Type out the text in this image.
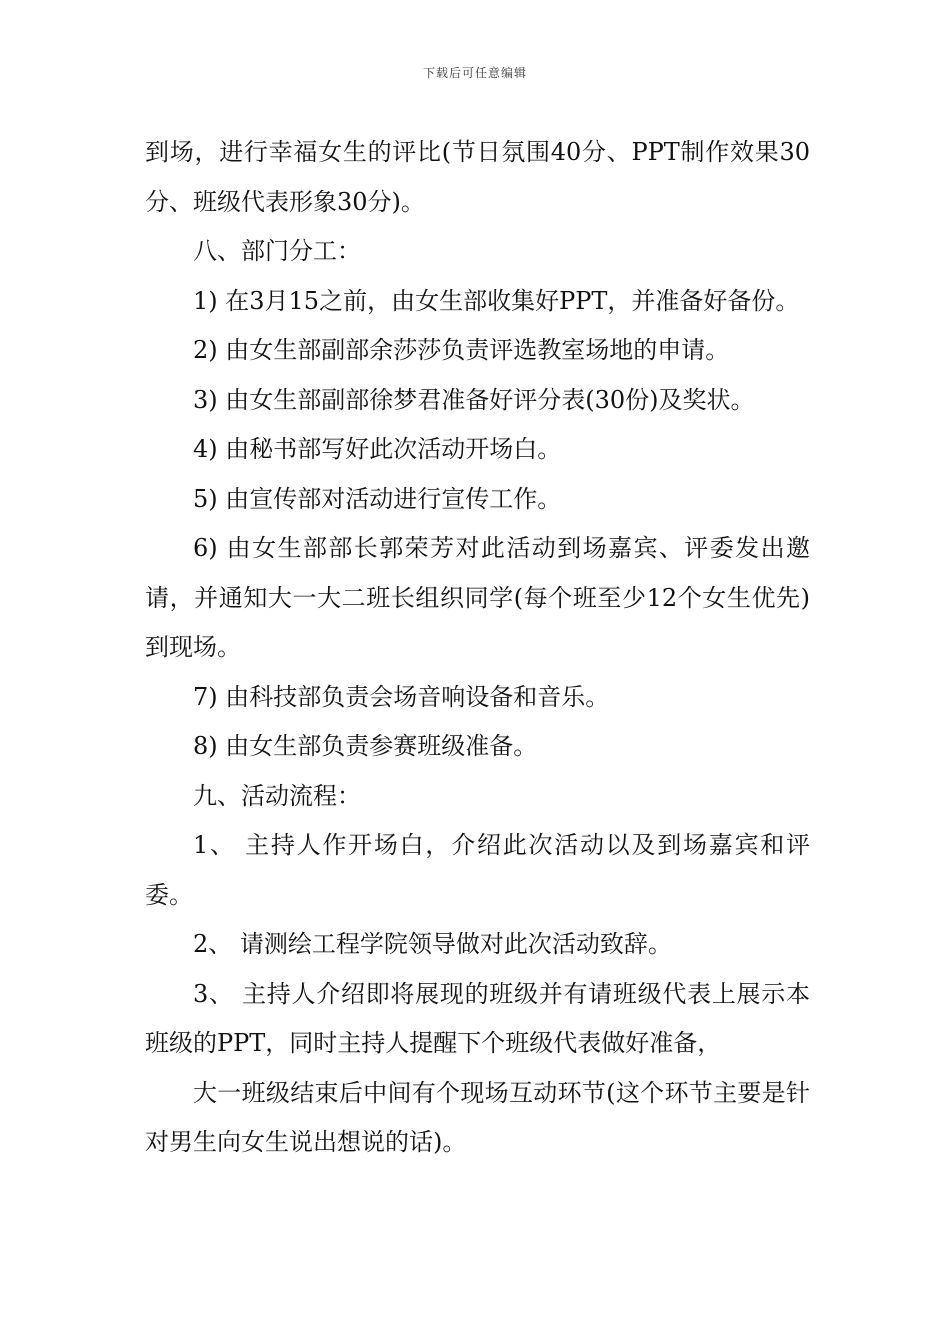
下载后可任意编辑

到场，进行幸福女生的评比(节日氛围40分、PPT制作效果30分、班级代表形象30分)。

八、部门分工：

1) 在3月15之前，由女生部收集好PPT，并准备好备份。

2) 由女生部副部余莎莎负责评选教室场地的申请。

3) 由女生部副部徐梦君准备好评分表(30份)及奖状。

4) 由秘书部写好此次活动开场白。

5) 由宣传部对活动进行宣传工作。

6) 由女生部部长郭荣芳对此活动到场嘉宾、评委发出邀请，并通知大一大二班长组织同学(每个班至少12个女生优先)到现场。

7) 由科技部负责会场音响设备和音乐。

8) 由女生部负责参赛班级准备。

九、活动流程：

1、 主持人作开场白，介绍此次活动以及到场嘉宾和评委。

2、 请测绘工程学院领导做对此次活动致辞。

3、 主持人介绍即将展现的班级并有请班级代表上展示本班级的PPT，同时主持人提醒下个班级代表做好准备，

大一班级结束后中间有个现场互动环节(这个环节主要是针对男生向女生说出想说的话)。
